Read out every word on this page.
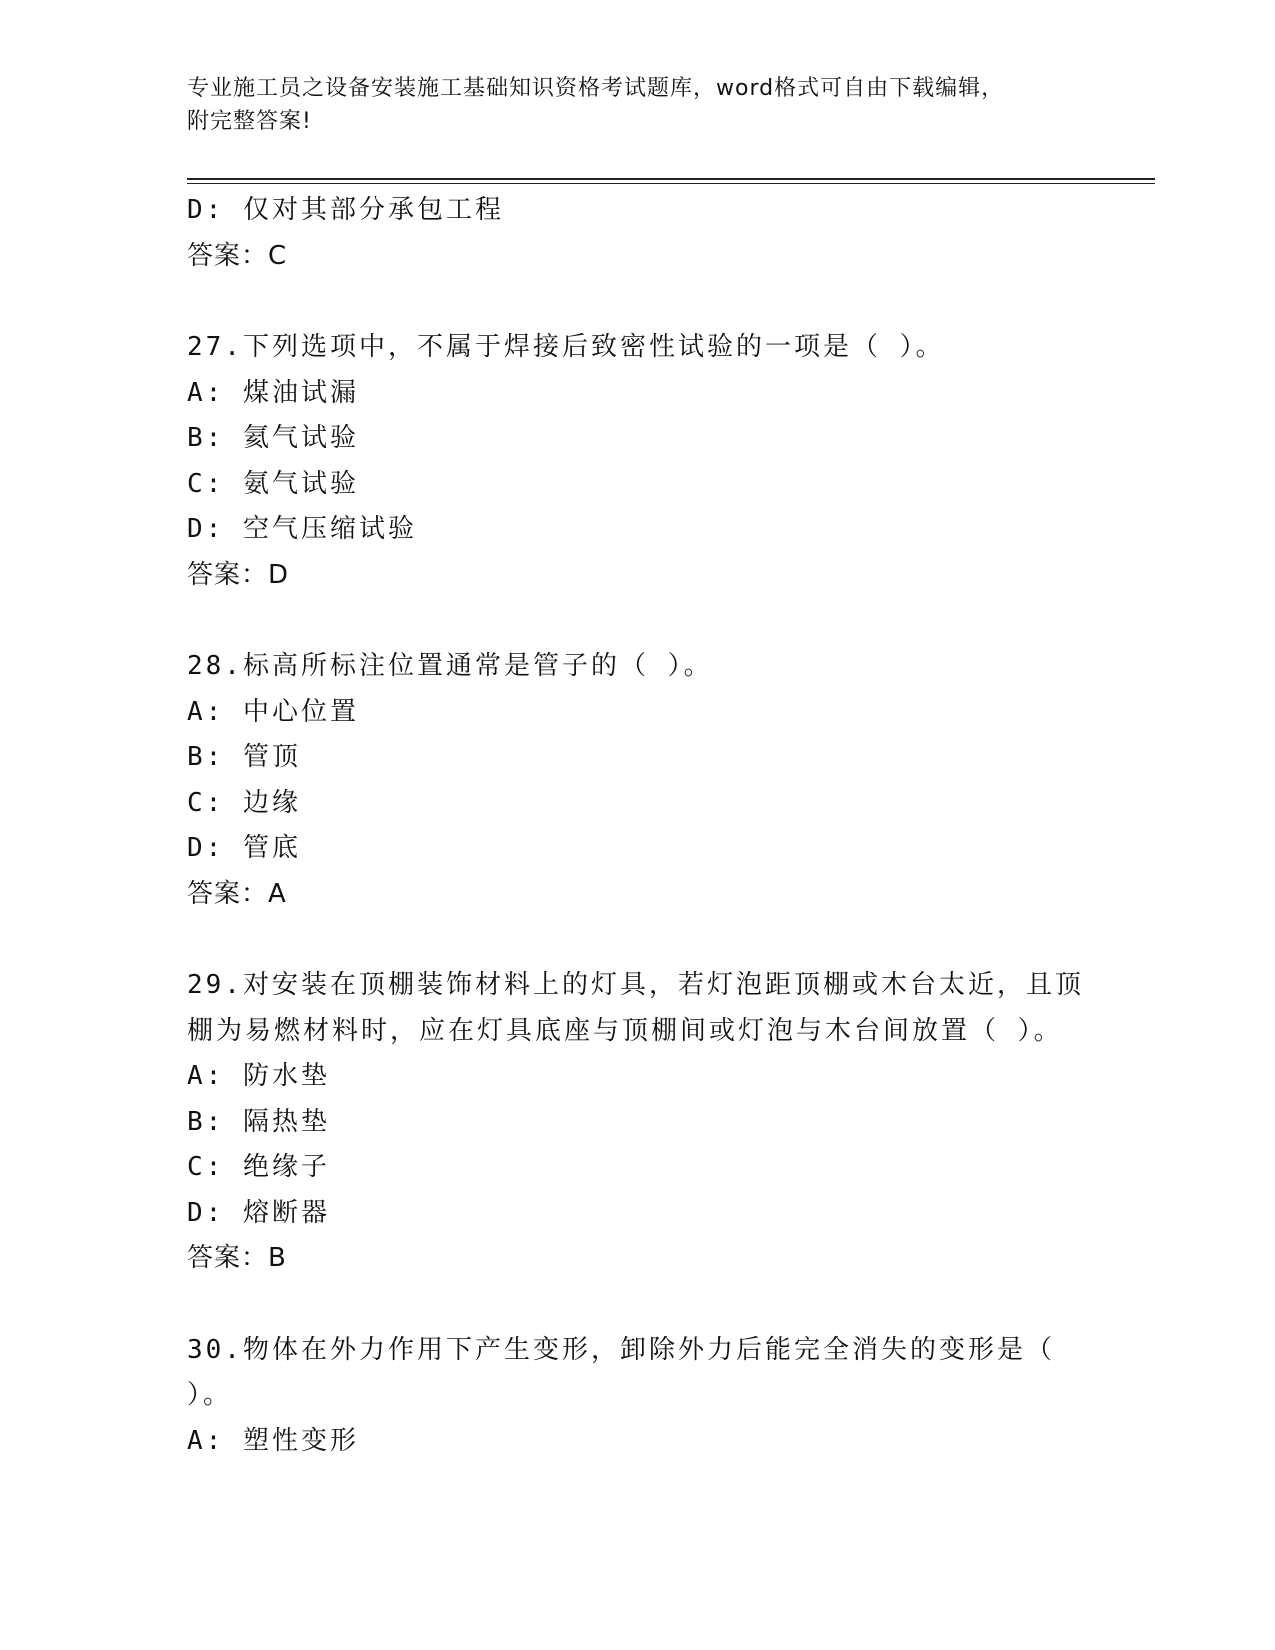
专业施工员之设备安装施工基础知识资格考试题库，word格式可自由下载编辑，
附完整答案!
D: 仅对其部分承包工程
答案：C
27.下列选项中，不属于焊接后致密性试验的一项是（ ）。
A: 煤油试漏
B: 氦气试验
C: 氨气试验
D: 空气压缩试验
答案：D
28.标高所标注位置通常是管子的（ ）。
A: 中心位置
B: 管顶
C: 边缘
D: 管底
答案：A
29.对安装在顶棚装饰材料上的灯具，若灯泡距顶棚或木台太近，且顶
棚为易燃材料时，应在灯具底座与顶棚间或灯泡与木台间放置（ ）。
A: 防水垫
B: 隔热垫
C: 绝缘子
D: 熔断器
答案：B
30.物体在外力作用下产生变形，卸除外力后能完全消失的变形是（
）。
A: 塑性变形
